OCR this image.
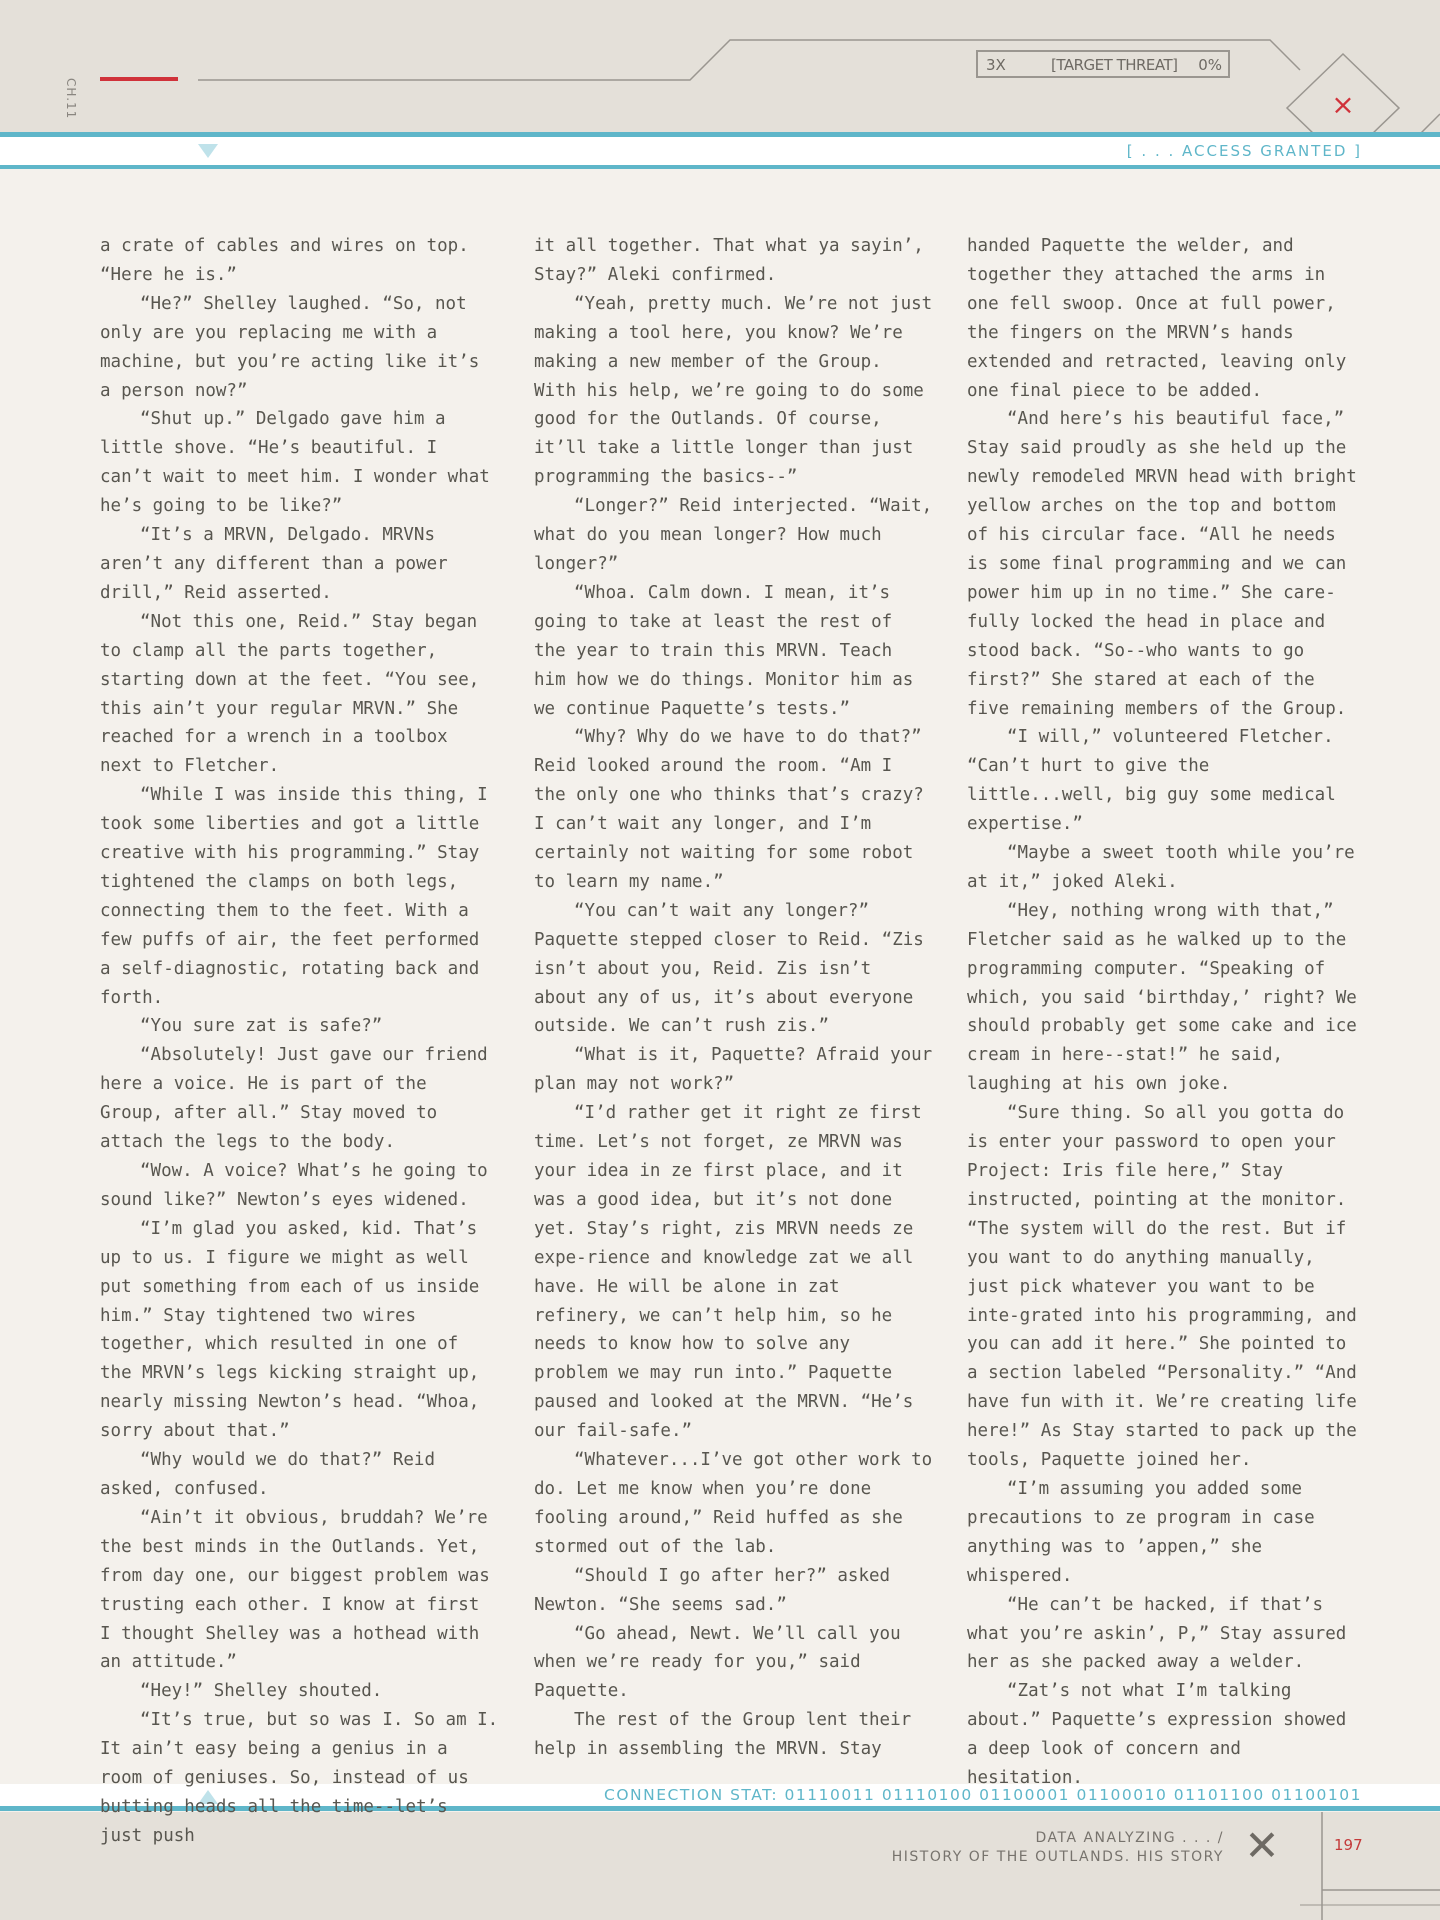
CH.11
3X	[TARGET THREAT] 0%
×
[ . . . ACCESS GRANTED ]

a crate of cables and wires on top. “Here he is.”

“He?” Shelley laughed. “So, not only are you replacing me with a machine, but you’re acting like it’s a person now?”

“Shut up.” Delgado gave him a little shove. “He’s beautiful. I can’t wait to meet him. I wonder what he’s going to be like?”

“It’s a MRVN, Delgado. MRVNs aren’t any different than a power drill,” Reid asserted.

“Not this one, Reid.” Stay began to clamp all the parts together, starting down at the feet. “You see, this ain’t your regular MRVN.” She reached for a wrench in a toolbox next to Fletcher.

“While I was inside this thing, I took some liberties and got a little creative with his programming.” Stay tightened the clamps on both legs, connecting them to the feet. With a few puffs of air, the feet performed a self-diagnostic, rotating back and forth.

“You sure zat is safe?”

“Absolutely! Just gave our friend here a voice. He is part of the Group, after all.” Stay moved to attach the legs to the body.

“Wow. A voice? What’s he going to sound like?” Newton’s eyes widened.

“I’m glad you asked, kid. That’s up to us. I figure we might as well put something from each of us inside him.” Stay tightened two wires together, which resulted in one of the MRVN’s legs kicking straight up, nearly missing Newton’s head. “Whoa, sorry about that.”

“Why would we do that?” Reid asked, confused.

“Ain’t it obvious, bruddah? We’re the best minds in the Outlands. Yet, from day one, our biggest problem was trusting each other. I know at first I thought Shelley was a hothead with an attitude.”

“Hey!” Shelley shouted.

“It’s true, but so was I. So am I. It ain’t easy being a genius in a room of geniuses. So, instead of us butting heads all the time--let’s just push

it all together. That what ya sayin’, Stay?” Aleki confirmed.

“Yeah, pretty much. We’re not just making a tool here, you know? We’re making a new member of the Group. With his help, we’re going to do some good for the Outlands. Of course, it’ll take a little longer than just programming the basics--”

“Longer?” Reid interjected. “Wait, what do you mean longer? How much longer?”

“Whoa. Calm down. I mean, it’s going to take at least the rest of the year to train this MRVN. Teach him how we do things. Monitor him as we continue Paquette’s tests.”

“Why? Why do we have to do that?” Reid looked around the room. “Am I the only one who thinks that’s crazy? I can’t wait any longer, and I’m certainly not waiting for some robot to learn my name.”

“You can’t wait any longer?” Paquette stepped closer to Reid. “Zis isn’t about you, Reid. Zis isn’t about any of us, it’s about everyone outside. We can’t rush zis.”

“What is it, Paquette? Afraid your plan may not work?”

“I’d rather get it right ze first time. Let’s not forget, ze MRVN was your idea in ze first place, and it was a good idea, but it’s not done yet. Stay’s right, zis MRVN needs ze expe-rience and knowledge zat we all have. He will be alone in zat refinery, we can’t help him, so he needs to know how to solve any problem we may run into.” Paquette paused and looked at the MRVN. “He’s our fail-safe.”

“Whatever...I’ve got other work to do. Let me know when you’re done fooling around,” Reid huffed as she stormed out of the lab.

“Should I go after her?” asked Newton. “She seems sad.”

“Go ahead, Newt. We’ll call you when we’re ready for you,” said Paquette.

The rest of the Group lent their help in assembling the MRVN. Stay

handed Paquette the welder, and together they attached the arms in one fell swoop. Once at full power, the fingers on the MRVN’s hands extended and retracted, leaving only one final piece to be added.

“And here’s his beautiful face,” Stay said proudly as she held up the newly remodeled MRVN head with bright yellow arches on the top and bottom of his circular face. “All he needs is some final programming and we can power him up in no time.” She care-fully locked the head in place and stood back. “So--who wants to go first?” She stared at each of the five remaining members of the Group.

“I will,” volunteered Fletcher. “Can’t hurt to give the little...well, big guy some medical expertise.”

“Maybe a sweet tooth while you’re at it,” joked Aleki.

“Hey, nothing wrong with that,” Fletcher said as he walked up to the programming computer. “Speaking of which, you said ‘birthday,’ right? We should probably get some cake and ice cream in here--stat!” he said, laughing at his own joke.

“Sure thing. So all you gotta do is enter your password to open your Project: Iris file here,” Stay instructed, pointing at the monitor. “The system will do the rest. But if you want to do anything manually, just pick whatever you want to be inte-grated into his programming, and you can add it here.” She pointed to a section labeled “Personality.” “And have fun with it. We’re creating life here!” As Stay started to pack up the tools, Paquette joined her.

“I’m assuming you added some precautions to ze program in case anything was to ’appen,” she whispered.

“He can’t be hacked, if that’s what you’re askin’, P,” Stay assured her as she packed away a welder.

“Zat’s not what I’m talking about.” Paquette’s expression showed a deep look of concern and hesitation.

CONNECTION STAT: 01110011 01110100 01100001 01100010 01101100 01100101
DATA ANALYZING . . . /
HISTORY OF THE OUTLANDS. HIS STORY ✕	197
